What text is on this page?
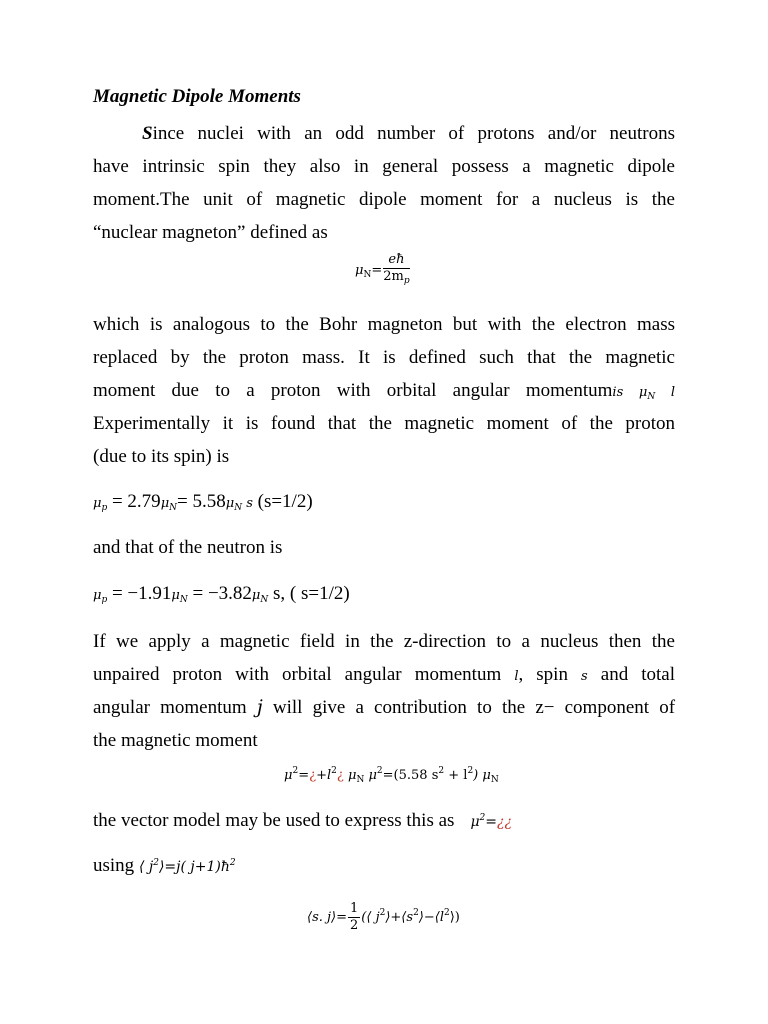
Magnetic Dipole Moments
Since nuclei with an odd number of protons and/or neutrons
have intrinsic spin they also in general possess a magnetic dipole
moment.The unit of magnetic dipole moment for a nucleus is the
“nuclear magneton” defined as
$\mu_N= \frac{eħ}{2m_p}$
which is analogous to the Bohr magneton but with the electron mass
replaced by the proton mass. It is defined such that the magnetic
moment due to a proton with orbital angular momentumis $\mu_N$ l
Experimentally it is found that the magnetic moment of the proton
(due to its spin) is
$\mu_p = 2.79\mu_N= 5.58\mu_N$ s (s=1/2)
and that of the neutron is
$\mu_p = -1.91\mu_N = -3.82\mu_N$ s, ( s=1/2)
If we apply a magnetic field in the z-direction to a nucleus then the
unpaired proton with orbital angular momentum l, spin s and total
angular momentum j will give a contribution to the z− component of
the magnetic moment
$\mu^2=¿+l^2¿$ $\mu_N$ $\mu^2=(5.58$ $s^2 + l^2$) $\mu_N$
the vector model may be used to express this as $\mu^2=¿¿$
using ⟨ $j^2⟩=j$( $j+1)ħ^2$
⟨s. j⟩= $\frac{1}{2}$ (⟨ $j^2⟩+⟨s^2⟩-⟨l^2⟩$)
